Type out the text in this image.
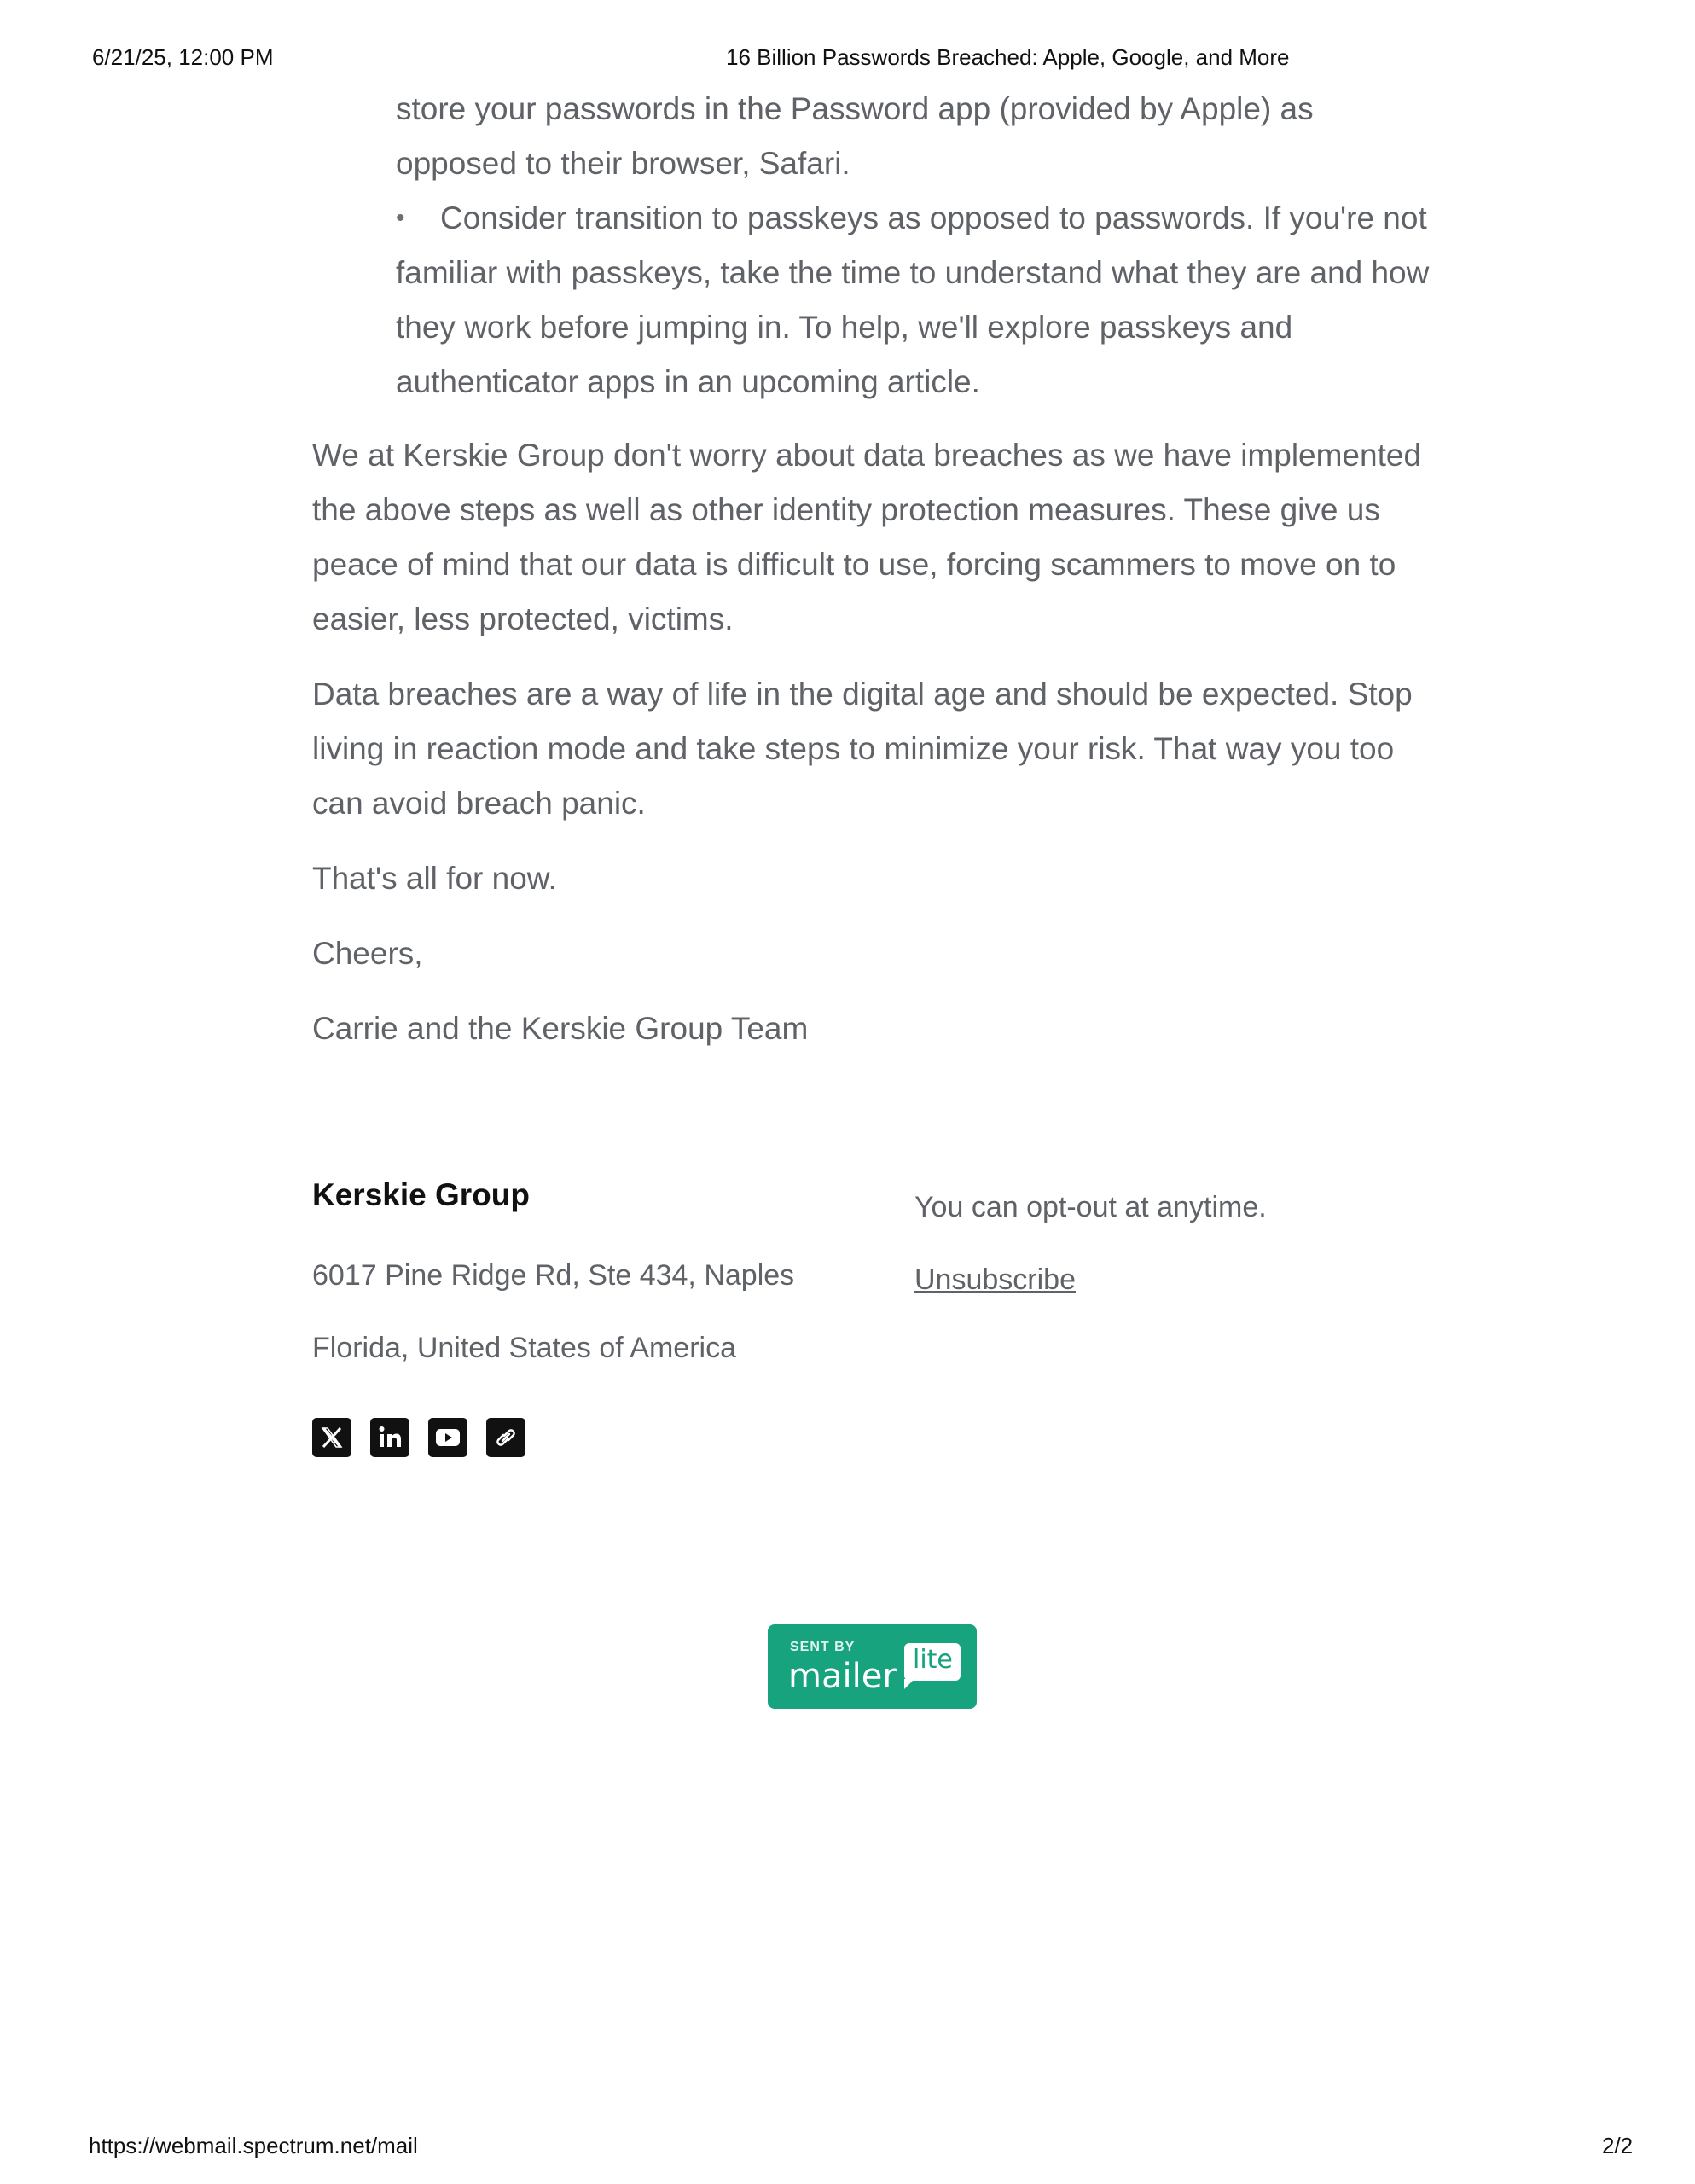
6/21/25, 12:00 PM	16 Billion Passwords Breached: Apple, Google, and More
store your passwords in the Password app (provided by Apple) as opposed to their browser, Safari.
• Consider transition to passkeys as opposed to passwords. If you're not familiar with passkeys, take the time to understand what they are and how they work before jumping in. To help, we'll explore passkeys and authenticator apps in an upcoming article.

We at Kerskie Group don't worry about data breaches as we have implemented the above steps as well as other identity protection measures. These give us peace of mind that our data is difficult to use, forcing scammers to move on to easier, less protected, victims.

Data breaches are a way of life in the digital age and should be expected. Stop living in reaction mode and take steps to minimize your risk. That way you too can avoid breach panic.

That's all for now.

Cheers,

Carrie and the Kerskie Group Team

Kerskie Group
6017 Pine Ridge Rd, Ste 434, Naples
Florida, United States of America
You can opt-out at anytime.
Unsubscribe
SENT BY
mailer lite
https://webmail.spectrum.net/mail	2/2
